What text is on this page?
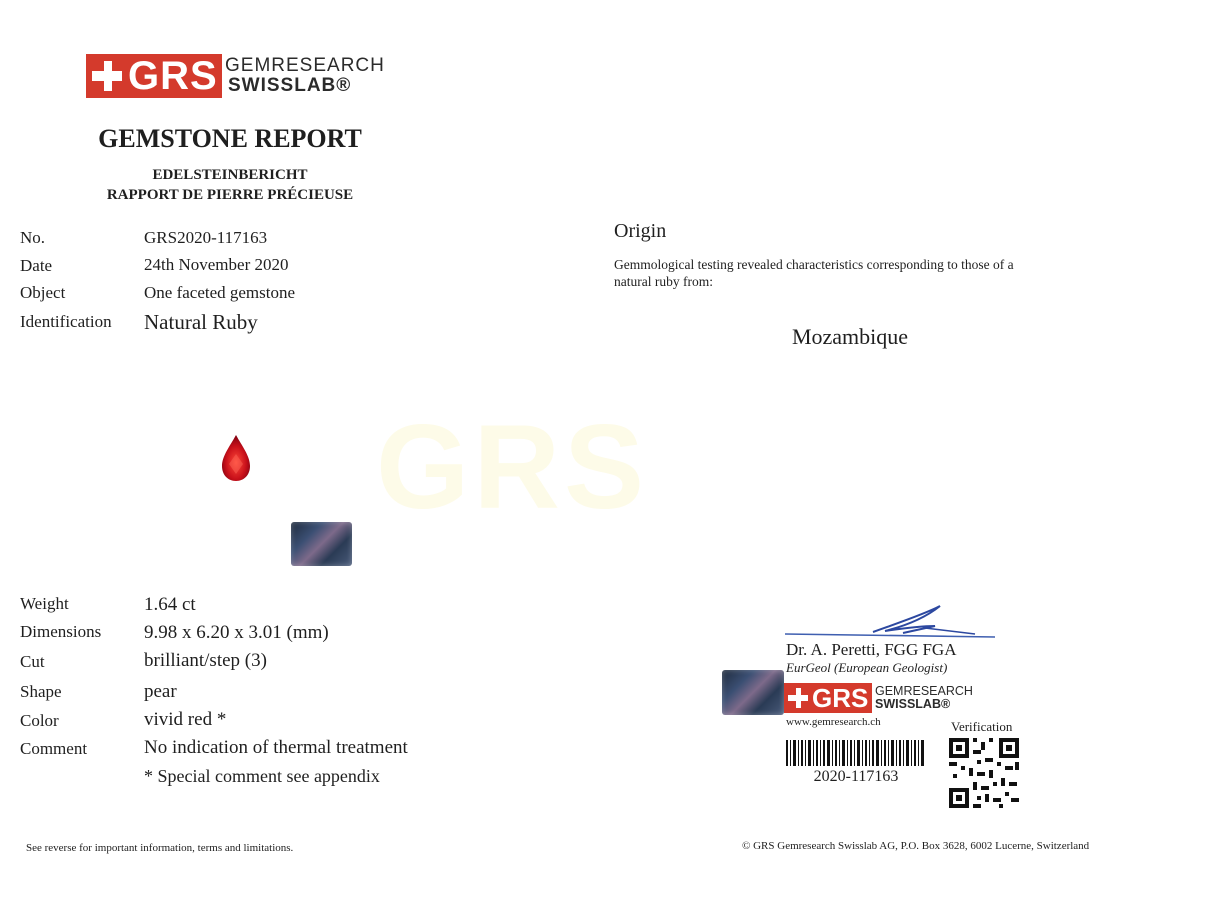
GRS GEMRESEARCH
SWISSLAB®
GEMSTONE REPORT
EDELSTEINBERICHT
RAPPORT DE PIERRE PRÉCIEUSE
No.	GRS2020-117163
Date	24th November 2020
Object	One faceted gemstone
Identification Natural Ruby
Origin
Gemmological testing revealed characteristics corresponding to those of a natural ruby from:
Mozambique
GRS
Weight	1.64 ct
Dimensions 9.98 x 6.20 x 3.01 (mm)
Cut	brilliant/step (3)
Shape	pear
Color	vivid red *
Comment	No indication of thermal treatment
* Special comment see appendix
Dr. A. Peretti, FGG FGA
EurGeol (European Geologist)
GRS GEMRESEARCH
SWISSLAB®
www.gemresearch.ch	Verification
2020-117163
See reverse for important information, terms and limitations.	© GRS Gemresearch Swisslab AG, P.O. Box 3628, 6002 Lucerne, Switzerland
